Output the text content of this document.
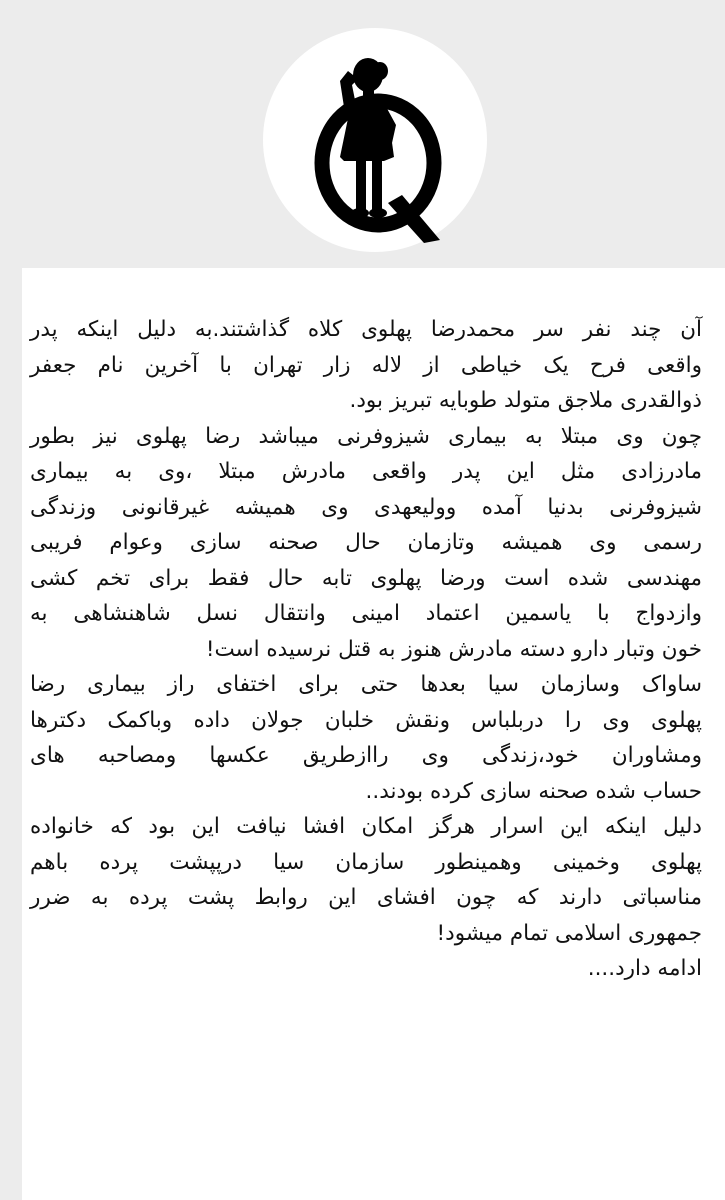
آن چند نفر سر محمدرضا پهلوی کلاه گذاشتند.به دلیل اینکه پدر
واقعی فرح یک خیاطی از لاله زار تهران با آخرین نام جعفر
ذوالقدری ملاجق متولد طوبایه تبریز بود.
چون وی مبتلا به بیماری شیزوفرنی میباشد رضا پهلوی نیز بطور
مادرزادی مثل این پدر واقعی مادرش مبتلا ،وی به بیماری
شیزوفرنی بدنیا آمده وولیعهدی وی همیشه غیرقانونی وزندگی
رسمی وی همیشه وتازمان حال صحنه سازی وعوام فریبی
مهندسی شده است ورضا پهلوی تابه حال فقط برای تخم کشی
وازدواج با یاسمین اعتماد امینی وانتقال نسل شاهنشاهی به
خون وتبار دارو دسته مادرش هنوز به قتل نرسیده است!
ساواک وسازمان سیا بعدها حتی برای اختفای راز بیماری رضا
پهلوی وی را دربلباس ونقش خلبان جولان داده وباکمک دکترها
ومشاوران خود،زندگی وی راازطریق عکسها ومصاحبه های
حساب شده صحنه سازی کرده بودند..
دلیل اینکه این اسرار هرگز امکان افشا نیافت این بود که خانواده
پهلوی وخمینی وهمینطور سازمان سیا درپپشت پرده باهم
مناسباتی دارند که چون افشای این روابط پشت پرده به ضرر
جمهوری اسلامی تمام میشود!
ادامه دارد....
